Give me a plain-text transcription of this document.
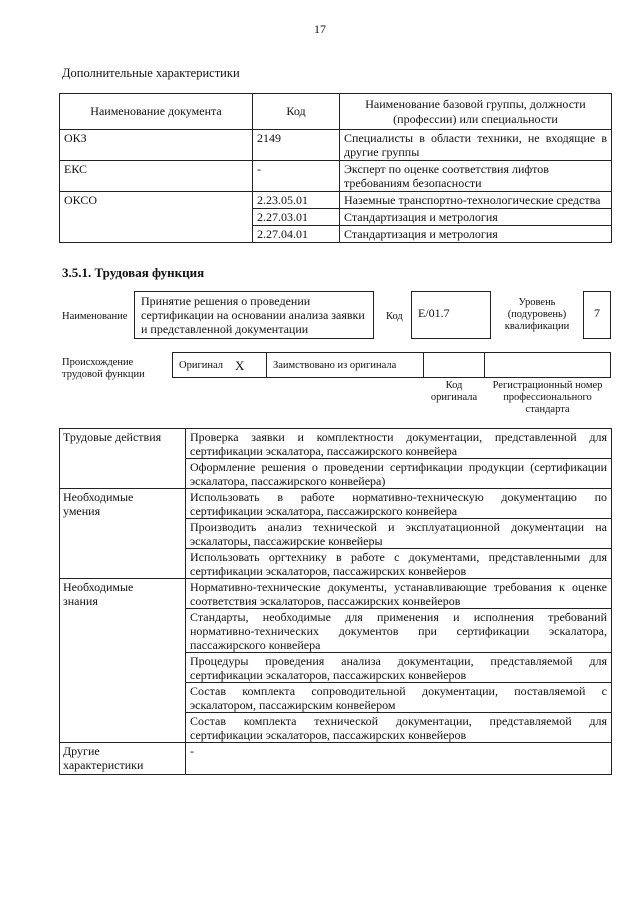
17
Дополнительные характеристики
Наименование документа	Код	Наименование базовой группы, должности (профессии) или специальности
ОКЗ	2149	Специалисты в области техники, не входящие в другие группы
ЕКС	-	Эксперт по оценке соответствия лифтов требованиям безопасности
ОКСО	2.23.05.01	Наземные транспортно-технологические средства
	2.27.03.01	Стандартизация и метрология
	2.27.04.01	Стандартизация и метрология
3.5.1. Трудовая функция
Наименование
Принятие решения о проведении сертификации на основании анализа заявки и представленной документации
Код	E/01.7
Уровень (подуровень) квалификации
7
Происхождение трудовой функции
Оригинал X	Заимствовано из оригинала
Код оригинала
Регистрационный номер профессионального стандарта
Трудовые действия	Проверка заявки и комплектности документации, представленной для сертификации эскалатора, пассажирского конвейера
	Оформление решения о проведении сертификации продукции (сертификации эскалатора, пассажирского конвейера)
Необходимые умения	Использовать в работе нормативно-техническую документацию по сертификации эскалатора, пассажирского конвейера
	Производить анализ технической и эксплуатационной документации на эскалаторы, пассажирские конвейеры
	Использовать оргтехнику в работе с документами, представленными для сертификации эскалаторов, пассажирских конвейеров
Необходимые знания	Нормативно-технические документы, устанавливающие требования к оценке соответствия эскалаторов, пассажирских конвейеров
	Стандарты, необходимые для применения и исполнения требований нормативно-технических документов при сертификации эскалатора, пассажирского конвейера
	Процедуры проведения анализа документации, представляемой для сертификации эскалаторов, пассажирских конвейеров
	Состав комплекта сопроводительной документации, поставляемой с эскалатором, пассажирским конвейером
	Состав комплекта технической документации, представляемой для сертификации эскалаторов, пассажирских конвейеров
Другие характеристики	-
